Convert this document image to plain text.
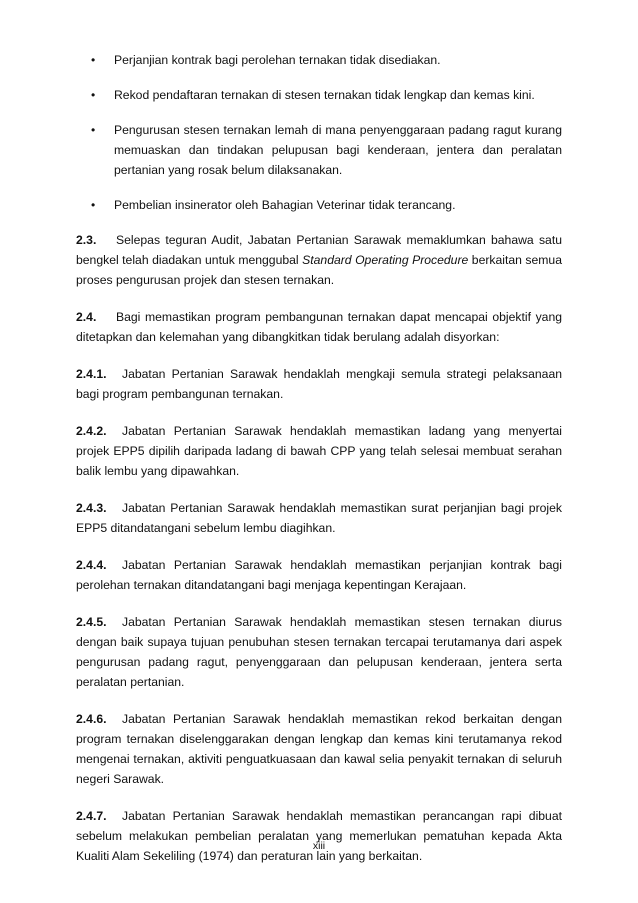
• Perjanjian kontrak bagi perolehan ternakan tidak disediakan.
• Rekod pendaftaran ternakan di stesen ternakan tidak lengkap dan kemas kini.
• Pengurusan stesen ternakan lemah di mana penyenggaraan padang ragut kurang memuaskan dan tindakan pelupusan bagi kenderaan, jentera dan peralatan pertanian yang rosak belum dilaksanakan.
• Pembelian insinerator oleh Bahagian Veterinar tidak terancang.
2.3. Selepas teguran Audit, Jabatan Pertanian Sarawak memaklumkan bahawa satu bengkel telah diadakan untuk menggubal Standard Operating Procedure berkaitan semua proses pengurusan projek dan stesen ternakan.
2.4. Bagi memastikan program pembangunan ternakan dapat mencapai objektif yang ditetapkan dan kelemahan yang dibangkitkan tidak berulang adalah disyorkan:
2.4.1. Jabatan Pertanian Sarawak hendaklah mengkaji semula strategi pelaksanaan bagi program pembangunan ternakan.
2.4.2. Jabatan Pertanian Sarawak hendaklah memastikan ladang yang menyertai projek EPP5 dipilih daripada ladang di bawah CPP yang telah selesai membuat serahan balik lembu yang dipawahkan.
2.4.3. Jabatan Pertanian Sarawak hendaklah memastikan surat perjanjian bagi projek EPP5 ditandatangani sebelum lembu diagihkan.
2.4.4. Jabatan Pertanian Sarawak hendaklah memastikan perjanjian kontrak bagi perolehan ternakan ditandatangani bagi menjaga kepentingan Kerajaan.
2.4.5. Jabatan Pertanian Sarawak hendaklah memastikan stesen ternakan diurus dengan baik supaya tujuan penubuhan stesen ternakan tercapai terutamanya dari aspek pengurusan padang ragut, penyenggaraan dan pelupusan kenderaan, jentera serta peralatan pertanian.
2.4.6. Jabatan Pertanian Sarawak hendaklah memastikan rekod berkaitan dengan program ternakan diselenggarakan dengan lengkap dan kemas kini terutamanya rekod mengenai ternakan, aktiviti penguatkuasaan dan kawal selia penyakit ternakan di seluruh negeri Sarawak.
2.4.7. Jabatan Pertanian Sarawak hendaklah memastikan perancangan rapi dibuat sebelum melakukan pembelian peralatan yang memerlukan pematuhan kepada Akta Kualiti Alam Sekeliling (1974) dan peraturan lain yang berkaitan.
xiii
